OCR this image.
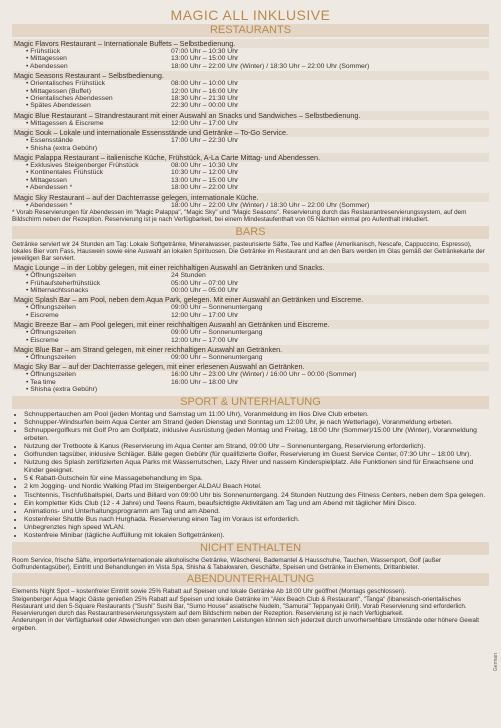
MAGIC ALL INKLUSIVE
RESTAURANTS
Magic Flavors Restaurant – Internationale Buffets – Selbstbedienung.
• Frühstück	07:00 Uhr – 10:30 Uhr
• Mittagessen	13:00 Uhr – 15:00 Uhr
• Abendessen	18:00 Uhr – 22:00 Uhr (Winter) / 18:30 Uhr – 22:00 Uhr (Sommer)
Magic Seasons Restaurant – Selbstbedienung.
• Orientalisches Frühstück	08:00 Uhr – 10:00 Uhr
• Mittagessen (Buffet)	12:00 Uhr – 16:00 Uhr
• Orientalisches Abendessen	18:30 Uhr – 21:30 Uhr
• Spätes Abendessen	22:30 Uhr – 00:00 Uhr
Magic Blue Restaurant – Strandrestaurant mit einer Auswahl an Snacks und Sandwiches – Selbstbedienung.
• Mittagessen & Eiscreme	12:00 Uhr – 17:00 Uhr
Magic Souk – Lokale und internationale Essensstände und Getränke – To-Go Service.
• Essensstände	17:00 Uhr – 22:30 Uhr
• Shisha (extra Gebühr)
Magic Palappa Restaurant – italienische Küche, Frühstück, A-La Carte Mittag- und Abendessen.
• Exklusives Steigenberger Frühstück	08:00 Uhr – 10:30 Uhr
• Kontinentales Frühstück	10:30 Uhr – 12:00 Uhr
• Mittagessen	13:00 Uhr – 15:00 Uhr
• Abendessen *	18:00 Uhr – 22:00 Uhr
Magic Sky Restaurant – auf der Dachterrasse gelegen, internationale Küche.
• Abendessen *	18:00 Uhr – 22:00 Uhr (Winter) / 18:30 Uhr – 22:00 Uhr (Sommer)
* Vorab Reservierungen für Abendessen im "Magic Palappa", "Magic Sky" und "Magic Seasons". Reservierung durch das Restaurantreservierungssystem, auf dem Bildschirm neben der Rezeption. Reservierung ist je nach Verfügbarkeit, bei einem Mindestaufenthalt von 05 Nächten einmal pro Aufenthalt inkludiert.
BARS
Getränke serviert wir 24 Stunden am Tag: Lokale Softgetränke, Mineralwasser, pasteurisierte Säfte, Tee und Kaffee (Amerikanisch, Nescafe, Cappuccino, Espresso), lokales Bier vom Fass, Hauswein sowie eine Auswahl an lokalen Spirituosen. Die Getränke im Restaurant und an den Bars werden im Glas gemäß der Getränkekarte der jeweiligen Bar serviert.
Magic Lounge – in der Lobby gelegen, mit einer reichhaltigen Auswahl an Getränken und Snacks.
• Öffnungszeiten	24 Stunden
• Frühaufsteherfrühstück	05:00 Uhr – 07:00 Uhr
• Mitternachtssnacks	00:00 Uhr – 05:00 Uhr
Magic Splash Bar – am Pool, neben dem Aqua Park, gelegen. Mit einer Auswahl an Getränken und Eiscreme.
• Öffnungszeiten	09:00 Uhr – Sonnenuntergang
• Eiscreme	12:00 Uhr – 17:00 Uhr
Magic Breeze Bar – am Pool gelegen, mit einer reichhaltigen Auswahl an Getränken und Eiscreme.
• Öffnungszeiten	09:00 Uhr – Sonnenuntergang
• Eiscreme	12:00 Uhr – 17:00 Uhr
Magic Blue Bar – am Strand gelegen, mit einer reichhaltigen Auswahl an Getränken.
• Öffnungszeiten	09:00 Uhr – Sonnenuntergang
Magic Sky Bar – auf der Dachterrasse gelegen, mit einer erlesenen Auswahl an Getränken.
• Öffnungszeiten	16:00 Uhr – 23:00 Uhr (Winter) / 16:00 Uhr – 00:00 (Sommer)
• Tea time	16:00 Uhr – 18:00 Uhr
• Shisha (extra Gebühr)
SPORT & UNTERHALTUNG
• Schnuppertauchen am Pool (jeden Montag und Samstag um 11:00 Uhr), Voranmeldung im Ilios Dive Club erbeten.
• Schnupper-Windsurfen beim Aqua Center am Strand (jeden Dienstag und Sonntag um 12:00 Uhr, je nach Wetterlage), Voranmeldung erbeten.
• Schnuppergolfkurs mit Golf Pro am Golfplatz, inklusive Ausrüstung (jeden Montag und Freitag, 18:00 Uhr (Sommer)/15:00 Uhr (Winter), Voranmeldung erbeten.
• Nutzung der Tretboote & Kanus (Reservierung im Aqua Center am Strand, 09:00 Uhr – Sonnenuntergang, Reservierung erforderlich).
• Golfrunden tagsüber, inklusive Schläger. Bälle gegen Gebühr (für qualifizierte Golfer, Reservierung im Guest Service Center, 07:30 Uhr – 18:00 Uhr).
• Nutzung des Splash zertifizierten Aqua Parks mit Wasserrutschen, Lazy River und nassem Kinderspielplatz. Alle Funktionen sind für Erwachsene und Kinder geeignet.
• 5 € Rabatt-Gutschein für eine Massagebehandlung im Spa.
• 2 km Jogging- und Nordic Walking Pfad im Steigenberger ALDAU Beach Hotel.
• Tischtennis, Tischfußballspiel, Darts und Billard von 09:00 Uhr bis Sonnenuntergang. 24 Stunden Nutzung des Fitness Centers, neben dem Spa gelegen.
• Ein kompletter Kids Club (12 - 4 Jahre) und Teens Raum, beaufsichtigte Aktivitäten am Tag und am Abend mit täglicher Mini Disco.
• Animations- und Unterhaltungsprogramm am Tag und am Abend.
• Kostenfreier Shuttle Bus nach Hurghada. Reservierung einen Tag im Voraus ist erforderlich.
• Unbegrenztes high speed WLAN.
• Kostenfreie Minibar (tägliche Auffüllung mit lokalen Softgetränken).
NICHT ENTHALTEN
Room Service, frische Säfte, importierte/internationale alkoholische Getränke, Wäscherei, Bademantel & Hausschuhe, Tauchen, Wassersport, Golf (außer Golfrundentagsüber), Eintritt und Behandlungen im Vista Spa, Shisha & Tabakwaren, Geschäfte, Speisen und Getränke in Elements, Drittanbieter.
ABENDUNTERHALTUNG

Elements Night Spot – kostenfreier Eintritt sowie 25% Rabatt auf Speisen und lokale Getränke Ab 18:00 Uhr geöffnet (Montags geschlossen).

Steigenberger Aqua Magic Gäste genießen 25% Rabatt auf Speisen und lokale Getränke im "Alex Beach Club & Restaurant", "Tanga" (libanesisch-orientalisches Restaurant und den 5-Square Restaurants ("Sushi" Sushi Bar, "Sumo House" asiatische Nudeln, "Samurai" Teppanyaki Grill). Vorab Reservierung sind erforderlich.

Reservierungen durch das Restaurantreservierungssystem auf dem Bildschirm neben der Rezeption. Reservierung ist je nach Verfügbarkeit.

Änderungen in der Verfügbarkeit oder Abweichungen von den oben genannten Leistungen können sich jederzeit durch unvorhersehbare Umstände oder höhere Gewalt ergeben.

German
